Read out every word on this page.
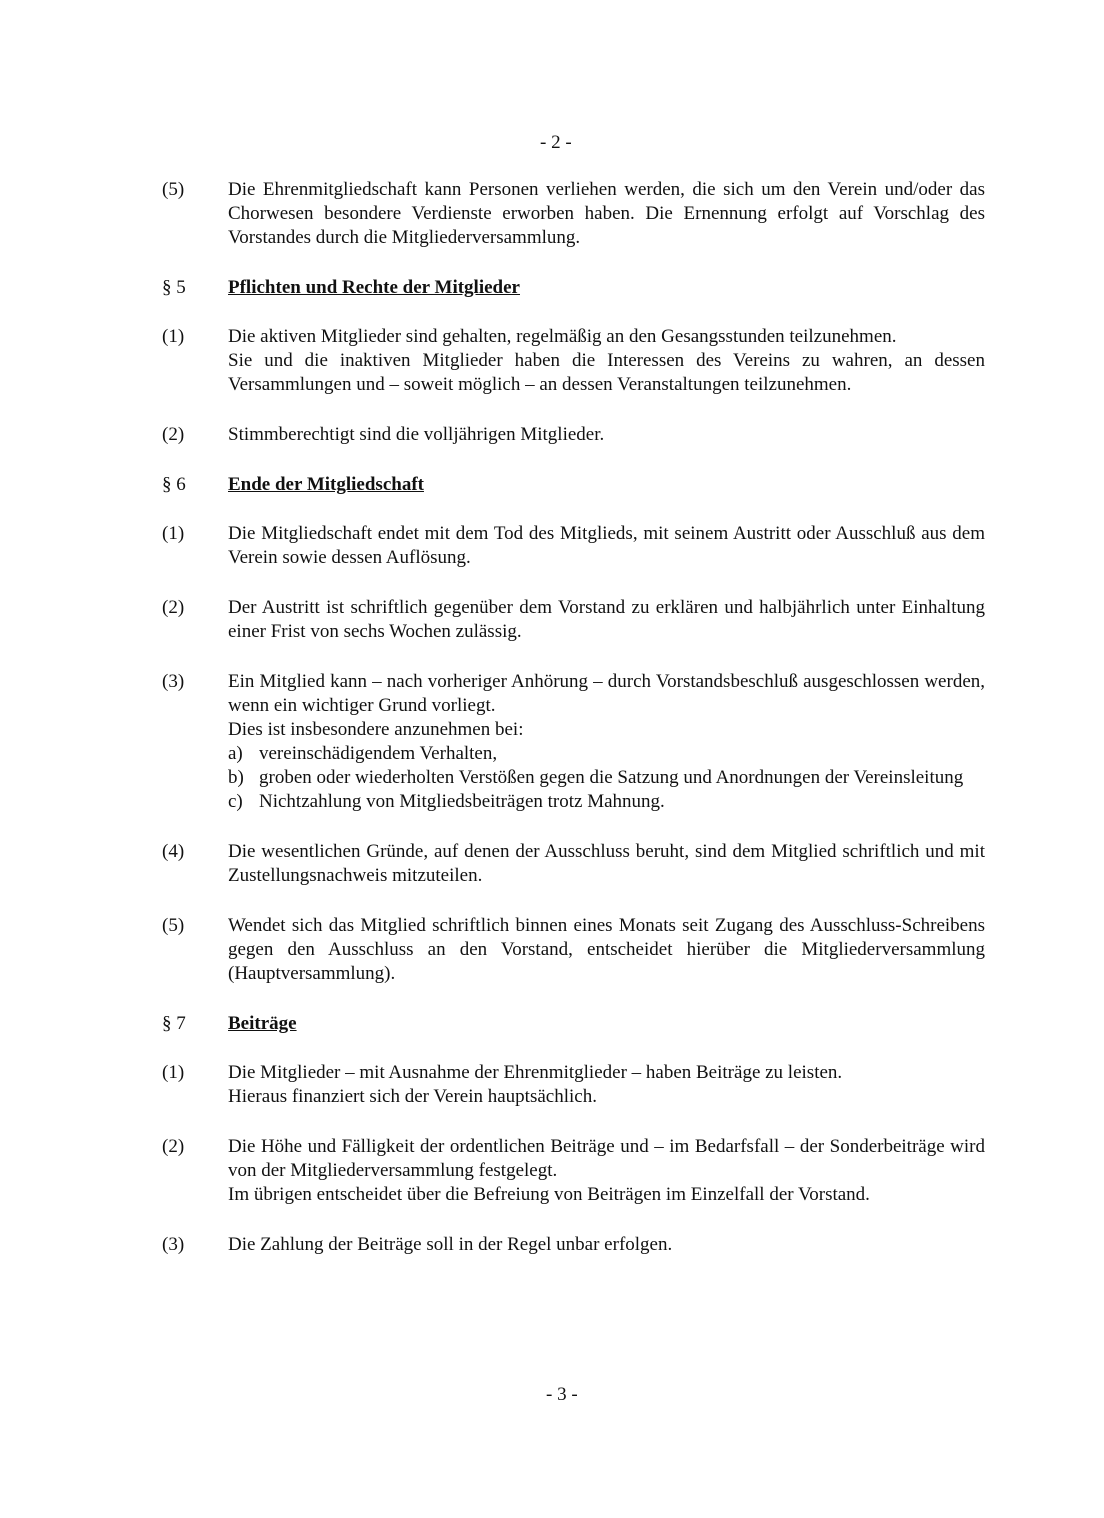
- 2 -
(5) Die Ehrenmitgliedschaft kann Personen verliehen werden, die sich um den Verein und/oder das Chorwesen besondere Verdienste erworben haben. Die Ernennung erfolgt auf Vorschlag des Vorstandes durch die Mitgliederversammlung.

§ 5 Pflichten und Rechte der Mitglieder
(1) Die aktiven Mitglieder sind gehalten, regelmäßig an den Gesangsstunden teilzunehmen.

Sie und die inaktiven Mitglieder haben die Interessen des Vereins zu wahren, an dessen Versammlungen und – soweit möglich – an dessen Veranstaltungen teilzunehmen.

(2) Stimmberechtigt sind die volljährigen Mitglieder.

§ 6 Ende der Mitgliedschaft
(1) Die Mitgliedschaft endet mit dem Tod des Mitglieds, mit seinem Austritt oder Ausschluß aus dem Verein sowie dessen Auflösung.

(2) Der Austritt ist schriftlich gegenüber dem Vorstand zu erklären und halbjährlich unter Einhaltung einer Frist von sechs Wochen zulässig.

(3) Ein Mitglied kann – nach vorheriger Anhörung – durch Vorstandsbeschluß ausgeschlossen werden, wenn ein wichtiger Grund vorliegt.

Dies ist insbesondere anzunehmen bei:

a) vereinschädigendem Verhalten,
b) groben oder wiederholten Verstößen gegen die Satzung und Anordnungen der Vereinsleitung
c) Nichtzahlung von Mitgliedsbeiträgen trotz Mahnung.
(4) Die wesentlichen Gründe, auf denen der Ausschluss beruht, sind dem Mitglied schriftlich und mit Zustellungsnachweis mitzuteilen.

(5) Wendet sich das Mitglied schriftlich binnen eines Monats seit Zugang des Ausschluss-Schreibens gegen den Ausschluss an den Vorstand, entscheidet hierüber die Mitgliederversammlung (Hauptversammlung).

§ 7 Beiträge
(1) Die Mitglieder – mit Ausnahme der Ehrenmitglieder – haben Beiträge zu leisten.

Hieraus finanziert sich der Verein hauptsächlich.

(2) Die Höhe und Fälligkeit der ordentlichen Beiträge und – im Bedarfsfall – der Sonderbeiträge wird von der Mitgliederversammlung festgelegt.

Im übrigen entscheidet über die Befreiung von Beiträgen im Einzelfall der Vorstand.

(3) Die Zahlung der Beiträge soll in der Regel unbar erfolgen.

- 3 -
